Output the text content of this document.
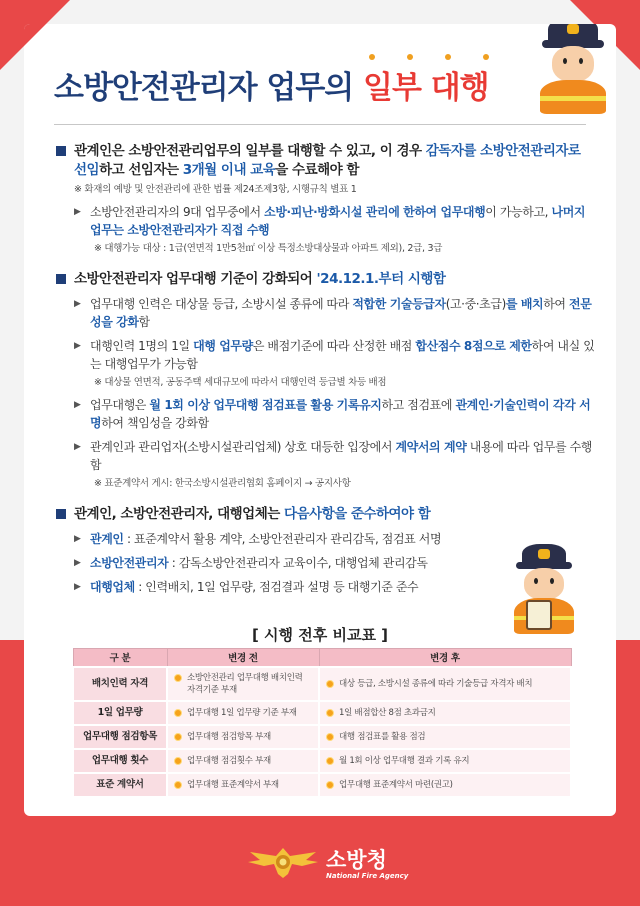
소방안전관리자 업무의
일부 대행
관계인은 소방안전관리업무의 일부를 대행할 수 있고, 이 경우 감독자를 소방안전관리자로 선임하고 선임자는 3개월 이내 교육을 수료해야 함
※ 화재의 예방 및 안전관리에 관한 법률 제24조제3항, 시행규칙 별표 1
▶ 소방안전관리자의 9대 업무중에서 소방·피난·방화시설 관리에 한하여 업무대행이 가능하고, 나머지 업무는 소방안전관리자가 직접 수행
※ 대행가능 대상 : 1급(연면적 1만5천㎡ 이상 특정소방대상물과 아파트 제외), 2급, 3급
소방안전관리자 업무대행 기준이 강화되어 '24.12.1.부터 시행함
▶ 업무대행 인력은 대상물 등급, 소방시설 종류에 따라 적합한 기술등급자(고·중·초급)를 배치하여 전문성을 강화함
▶ 대행인력 1명의 1일 대행 업무량은 배점기준에 따라 산정한 배점 합산점수 8점으로 제한하여 내실 있는 대행업무가 가능함
※ 대상물 연면적, 공동주택 세대규모에 따라서 대행인력 등급별 차등 배점
▶ 업무대행은 월 1회 이상 업무대행 점검표를 활용 기록유지하고 점검표에 관계인·기술인력이 각각 서명하여 책임성을 강화함
▶ 관계인과 관리업자(소방시설관리업체) 상호 대등한 입장에서 계약서의 계약 내용에 따라 업무를 수행함
※ 표준계약서 게시: 한국소방시설관리협회 홈페이지 → 공지사항
관계인, 소방안전관리자, 대행업체는 다음사항을 준수하여야 함
▶ 관계인 : 표준계약서 활용 계약, 소방안전관리자 관리감독, 점검표 서명
▶ 소방안전관리자 : 감독소방안전관리자 교육이수, 대행업체 관리감독
▶ 대행업체 : 인력배치, 1일 업무량, 점검결과 설명 등 대행기준 준수
[ 시행 전후 비교표 ]
구 분	변경 전	변경 후
배치인력 자격	소방안전관리 업무대행 배치인력 자격기준 부재	대상 등급, 소방시설 종류에 따라 기술등급 자격자 배치

1일 업무량	업무대행 1일 업무량 기준 부재	1일 배점합산 8점 초과금지

업무대행 점검항목	업무대행 점검항목 부재	대행 점검표를 활용 점검

업무대행 횟수	업무대행 점검횟수 부재	월 1회 이상 업무대행 결과 기록 유지

표준 계약서	업무대행 표준계약서 부재	업무대행 표준계약서 마련(권고)
소방청
National Fire Agency
